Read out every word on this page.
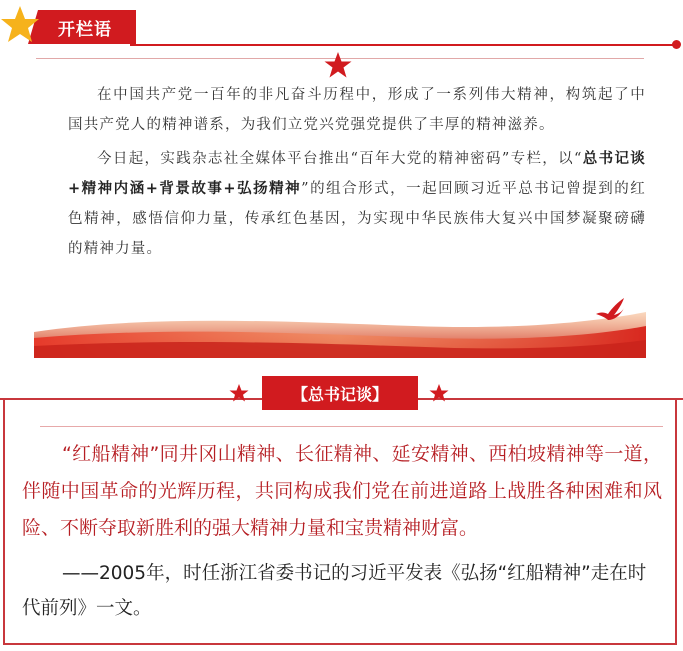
开栏语

在中国共产党一百年的非凡奋斗历程中，形成了一系列伟大精神，构筑起了中国共产党人的精神谱系，为我们立党兴党强党提供了丰厚的精神滋养。

今日起，实践杂志社全媒体平台推出“百年大党的精神密码”专栏，以“总书记谈+精神内涵+背景故事+弘扬精神”的组合形式，一起回顾习近平总书记曾提到的红色精神，感悟信仰力量，传承红色基因，为实现中华民族伟大复兴中国梦凝聚磅礴的精神力量。

【总书记谈】

“红船精神”同井冈山精神、长征精神、延安精神、西柏坡精神等一道，伴随中国革命的光辉历程，共同构成我们党在前进道路上战胜各种困难和风险、不断夺取新胜利的强大精神力量和宝贵精神财富。

——2005年，时任浙江省委书记的习近平发表《弘扬“红船精神”走在时代前列》一文。
